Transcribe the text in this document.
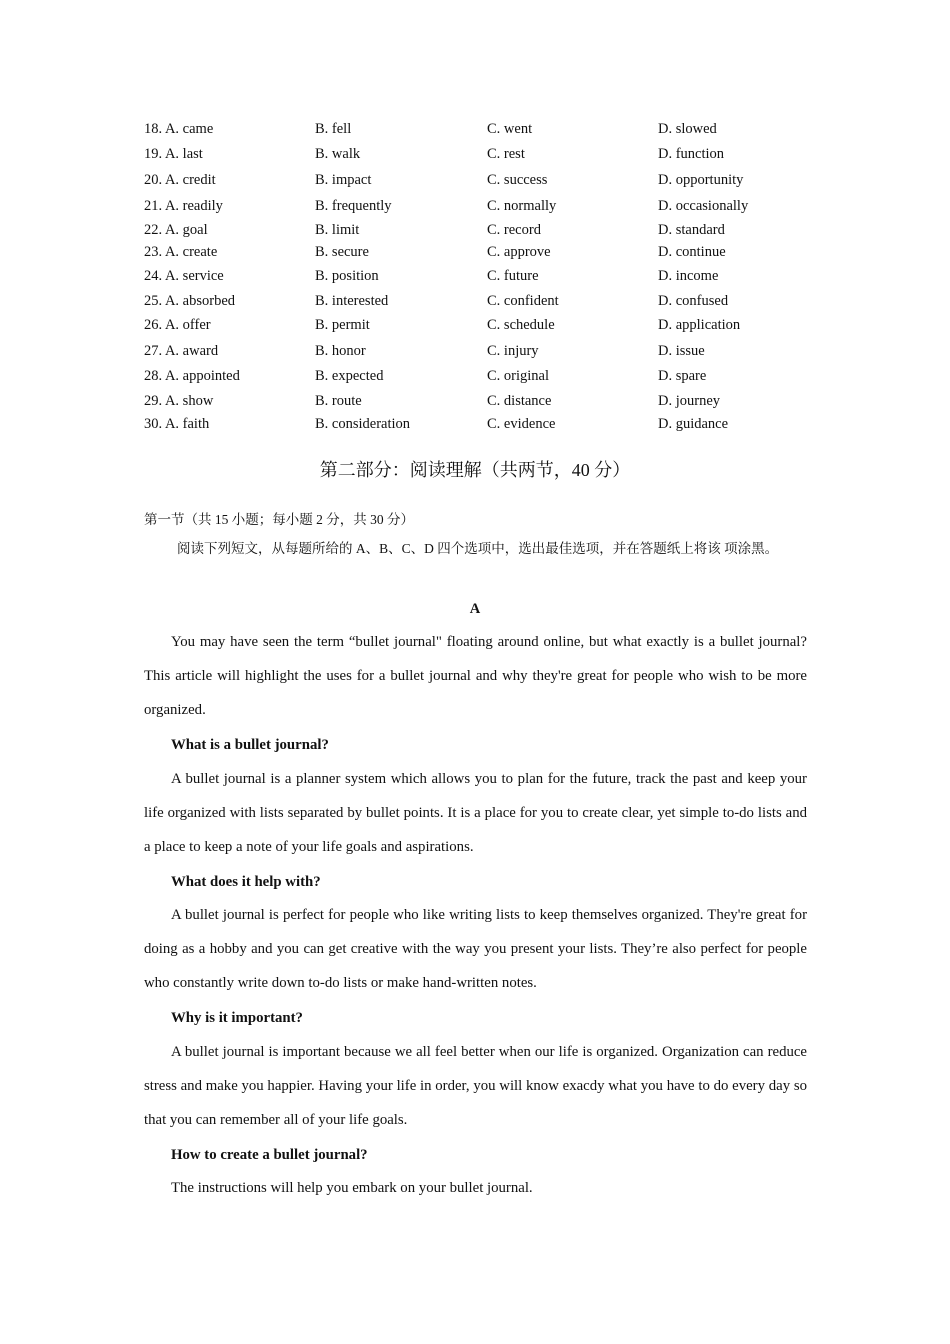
18. A. came	B. fell	C. went	D. slowed
19. A. last	B. walk	C. rest	D. function
20. A. credit	B. impact	C. success	D. opportunity
21. A. readily	B. frequently	C. normally	D. occasionally
22. A. goal	B. limit	C. record	D. standard
23. A. create	B. secure	C. approve	D. continue
24. A. service	B. position	C. future	D. income
25. A. absorbed	B. interested	C. confident	D. confused
26. A. offer	B. permit	C. schedule	D. application
27. A. award	B. honor	C. injury	D. issue
28. A. appointed	B. expected	C. original	D. spare
29. A. show	B. route	C. distance	D. journey
30. A. faith	B. consideration	C. evidence	D. guidance
第二部分：阅读理解（共两节，40 分）
第一节（共 15 小题；每小题 2 分，共 30 分）
阅读下列短文，从每题所给的 A、B、C、D 四个选项中，选出最佳选项，并在答题纸上将该 项涂黑。
A
You may have seen the term “bullet journal" floating around online, but what exactly is a bullet journal? This article will highlight the uses for a bullet journal and why they're great for people who wish to be more organized.
What is a bullet journal?
A bullet journal is a planner system which allows you to plan for the future, track the past and keep your life organized with lists separated by bullet points. It is a place for you to create clear, yet simple to-do lists and a place to keep a note of your life goals and aspirations.
What does it help with?
A bullet journal is perfect for people who like writing lists to keep themselves organized. They're great for doing as a hobby and you can get creative with the way you present your lists. They’re also perfect for people who constantly write down to-do lists or make hand-written notes.
Why is it important?
A bullet journal is important because we all feel better when our life is organized. Organization can reduce stress and make you happier. Having your life in order, you will know exacdy what you have to do every day so that you can remember all of your life goals.
How to create a bullet journal?
The instructions will help you embark on your bullet journal.
